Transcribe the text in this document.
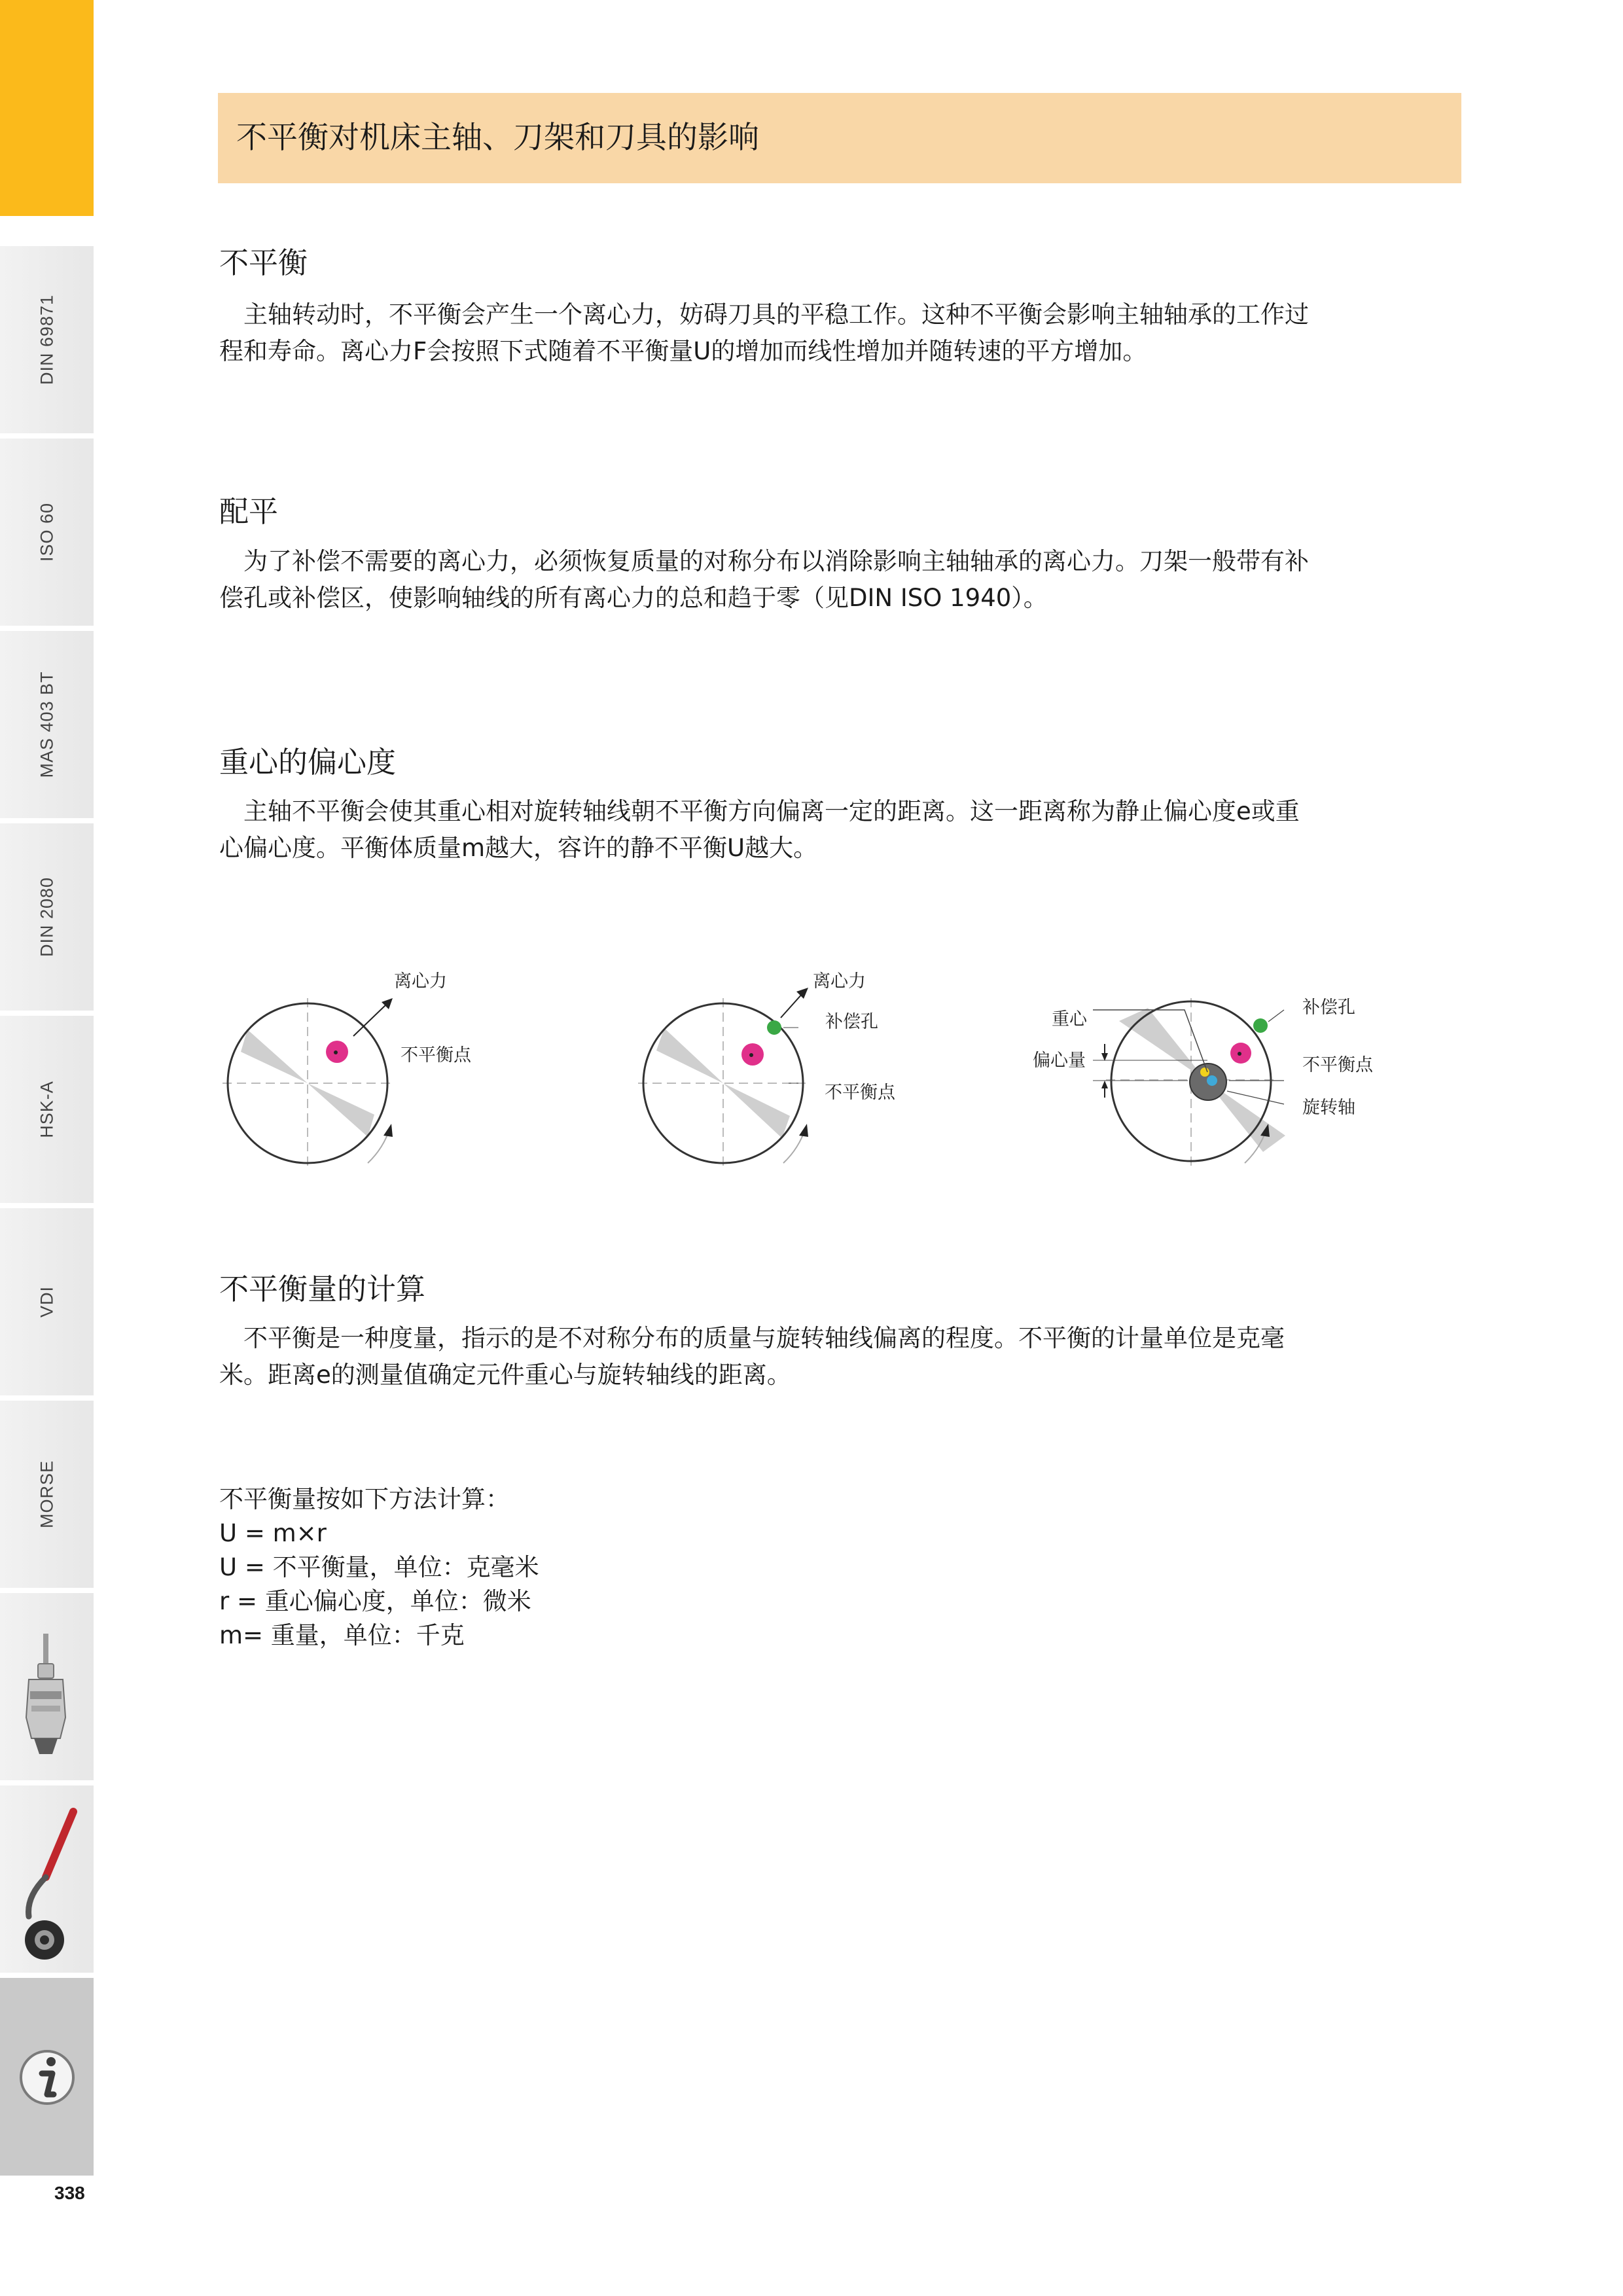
DIN 69871
ISO 60
MAS 403 BT
DIN 2080
HSK-A
VDI
MORSE
338
不平衡对机床主轴、刀架和刀具的影响
不平衡
主轴转动时，不平衡会产生一个离心力，妨碍刀具的平稳工作。这种不平衡会影响主轴轴承的工作过
程和寿命。离心力F会按照下式随着不平衡量U的增加而线性增加并随转速的平方增加。
配平
为了补偿不需要的离心力，必须恢复质量的对称分布以消除影响主轴轴承的离心力。刀架一般带有补
偿孔或补偿区，使影响轴线的所有离心力的总和趋于零（见DIN ISO 1940）。
重心的偏心度
主轴不平衡会使其重心相对旋转轴线朝不平衡方向偏离一定的距离。这一距离称为静止偏心度e或重
心偏心度。平衡体质量m越大，容许的静不平衡U越大。
离心力
不平衡点
离心力
补偿孔
不平衡点
重心
偏心量
补偿孔
不平衡点
旋转轴
不平衡量的计算
不平衡是一种度量，指示的是不对称分布的质量与旋转轴线偏离的程度。不平衡的计量单位是克毫
米。距离e的测量值确定元件重心与旋转轴线的距离。
不平衡量按如下方法计算：
U = m×r
U = 不平衡量，单位：克毫米
r = 重心偏心度，单位：微米
m= 重量，单位：千克
